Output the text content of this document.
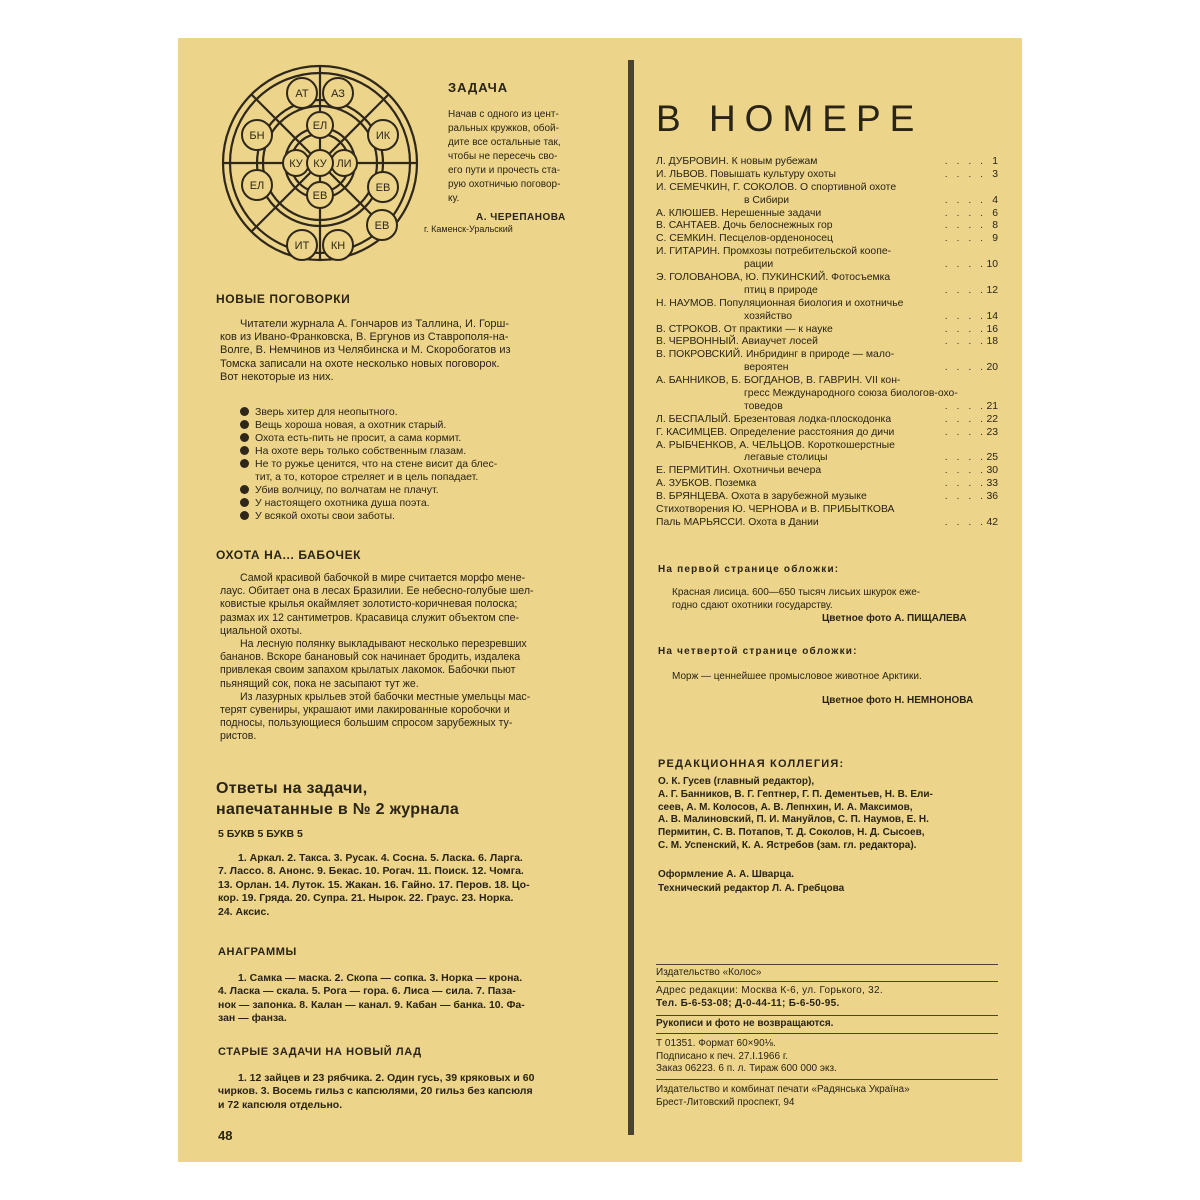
АТ АЗ
ИК
ЕВ
КН
ИТ
ЕЛ
БН
ЕВ
ЕЛ
ЛИ
ЕВ
КУ КУ
ЗАДАЧА
Начав с одного из цент-
ральных кружков, обой-
дите все остальные так,
чтобы не пересечь сво-
его пути и прочесть ста-
рую охотничью поговор-
ку.
А. ЧЕРЕПАНОВА
г. Каменск-Уральский
НОВЫЕ ПОГОВОРКИ
Читатели журнала А. Гончаров из Таллина, И. Горш-
ков из Ивано-Франковска, В. Ергунов из Ставрополя-на-
Волге, В. Немчинов из Челябинска и М. Скоробогатов из
Томска записали на охоте несколько новых поговорок.
Вот некоторые из них.
Зверь хитер для неопытного.
Вещь хороша новая, а охотник старый.
Охота есть-пить не просит, а сама кормит.
На охоте верь только собственным глазам.
Не то ружье ценится, что на стене висит да блес-
тит, а то, которое стреляет и в цель попадает.
Убив волчицу, по волчатам не плачут.
У настоящего охотника душа поэта.
У всякой охоты свои заботы.
ОХОТА НА... БАБОЧЕК
Самой красивой бабочкой в мире считается морфо мене-
лаус. Обитает она в лесах Бразилии. Ее небесно-голубые шел-
ковистые крылья окаймляет золотисто-коричневая полоска;
размах их 12 сантиметров. Красавица служит объектом спе-
циальной охоты.
На лесную полянку выкладывают несколько перезревших
бананов. Вскоре банановый сок начинает бродить, издалека
привлекая своим запахом крылатых лакомок. Бабочки пьют
пьянящий сок, пока не засыпают тут же.
Из лазурных крыльев этой бабочки местные умельцы мас-
терят сувениры, украшают ими лакированные коробочки и
подносы, пользующиеся большим спросом зарубежных ту-
ристов.
Ответы на задачи,
напечатанные в № 2 журнала
5 БУКВ 5 БУКВ 5
1. Аркал. 2. Такса. 3. Русак. 4. Сосна. 5. Ласка. 6. Ларга.
7. Лассо. 8. Анонс. 9. Бекас. 10. Рогач. 11. Поиск. 12. Чомга.
13. Орлан. 14. Луток. 15. Жакан. 16. Гайно. 17. Перов. 18. Цо-
кор. 19. Гряда. 20. Супра. 21. Нырок. 22. Граус. 23. Норка.
24. Аксис.
АНАГРАММЫ
1. Самка — маска. 2. Скопа — сопка. 3. Норка — крона.
4. Ласка — скала. 5. Рога — гора. 6. Лиса — сила. 7. Паза-
нок — запонка. 8. Калан — канал. 9. Кабан — банка. 10. Фа-
зан — фанза.
СТАРЫЕ ЗАДАЧИ НА НОВЫЙ ЛАД
1. 12 зайцев и 23 рябчика. 2. Один гусь, 39 кряковых и 60
чирков. 3. Восемь гильз с капсюлями, 20 гильз без капсюля
и 72 капсюля отдельно.
48
В НОМЕРЕ
Л. ДУБРОВИН. К новым рубежам	. . . . 1
И. ЛЬВОВ. Повышать культуру охоты	. . . . 3
И. СЕМЕЧКИН, Г. СОКОЛОВ. О спортивной охоте
в Сибири	. . . . 4
А. КЛЮШЕВ. Нерешенные задачи	. . . . 6
В. САНТАЕВ. Дочь белоснежных гор	. . . . 8
С. СЕМКИН. Песцелов-орденоносец	. . . . 9
И. ГИТАРИН. Промхозы потребительской коопе-
рации	. . . . 10
Э. ГОЛОВАНОВА, Ю. ПУКИНСКИЙ. Фотосъемка
птиц в природе	. . . . 12
Н. НАУМОВ. Популяционная биология и охотничье
хозяйство	. . . . 14
В. СТРОКОВ. От практики — к науке	. . . . 16
В. ЧЕРВОННЫЙ. Авиаучет лосей	. . . . 18
В. ПОКРОВСКИЙ. Инбридинг в природе — мало-
вероятен	. . . . 20
А. БАННИКОВ, Б. БОГДАНОВ, В. ГАВРИН. VII кон-
гресс Международного союза биологов-охо-
товедов	. . . . 21
Л. БЕСПАЛЫЙ. Брезентовая лодка-плоскодонка	. . . . 22
Г. КАСИМЦЕВ. Определение расстояния до дичи	. . . . 23
А. РЫБЧЕНКОВ, А. ЧЕЛЬЦОВ. Короткошерстные
легавые столицы	. . . . 25
Е. ПЕРМИТИН. Охотничьи вечера	. . . . 30
А. ЗУБКОВ. Поземка	. . . . 33
В. БРЯНЦЕВА. Охота в зарубежной музыке	. . . . 36
Стихотворения Ю. ЧЕРНОВА и В. ПРИБЫТКОВА
Паль МАРЬЯССИ. Охота в Дании	. . . . 42
На первой странице обложки:
Красная лисица. 600—650 тысяч лисьих шкурок еже-
годно сдают охотники государству.
Цветное фото А. ПИЩАЛЕВА
На четвертой странице обложки:
Морж — ценнейшее промысловое животное Арктики.
Цветное фото Н. НЕМНОНОВА
РЕДАКЦИОННАЯ КОЛЛЕГИЯ:
О. К. Гусев (главный редактор),
А. Г. Банников, В. Г. Гептнер, Г. П. Дементьев, Н. В. Ели-
сеев, А. М. Колосов, А. В. Лепнхин, И. А. Максимов,
А. В. Малиновский, П. И. Мануйлов, С. П. Наумов, Е. Н.
Пермитин, С. В. Потапов, Т. Д. Соколов, Н. Д. Сысоев,
С. М. Успенский, К. А. Ястребов (зам. гл. редактора).
Оформление А. А. Шварца.
Технический редактор Л. А. Гребцова
Издательство «Колос»
Адрес редакции: Москва К-6, ул. Горького, 32.
Тел. Б-6-53-08; Д-0-44-11; Б-6-50-95.
Рукописи и фото не возвращаются.
Т 01351. Формат 60×90⅛.
Подписано к печ. 27.I.1966 г.
Заказ 06223. 6 п. л. Тираж 600 000 экз.
Издательство и комбинат печати «Радянська Україна»
Брест-Литовский проспект, 94
